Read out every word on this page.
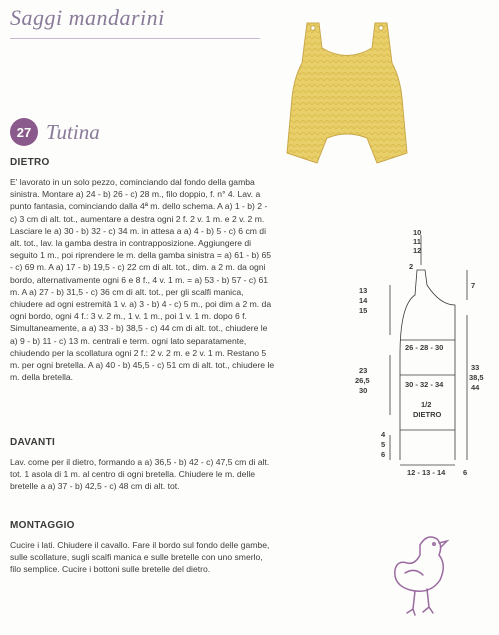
Saggi mandarini
27 Tutina
DIETRO
E' lavorato in un solo pezzo, cominciando dal fondo della gamba sinistra. Montare a) 24 - b) 26 - c) 28 m., filo doppio, f. n° 4. Lav. a punto fantasia, cominciando dalla 4ª m. dello schema. A a) 1 - b) 2 - c) 3 cm di alt. tot., aumentare a destra ogni 2 f. 2 v. 1 m. e 2 v. 2 m. Lasciare le a) 30 - b) 32 - c) 34 m. in attesa a a) 4 - b) 5 - c) 6 cm di alt. tot., lav. la gamba destra in contrapposizione. Aggiungere di seguito 1 m., poi riprendere le m. della gamba sinistra = a) 61 - b) 65 - c) 69 m. A a) 17 - b) 19,5 - c) 22 cm di alt. tot., dim. a 2 m. da ogni bordo, alternativamente ogni 6 e 8 f., 4 v. 1 m. = a) 53 - b) 57 - c) 61 m. A a) 27 - b) 31,5 - c) 36 cm di alt. tot., per gli scalfi manica, chiudere ad ogni estremità 1 v. a) 3 - b) 4 - c) 5 m., poi dim a 2 m. da ogni bordo, ogni 4 f.: 3 v. 2 m., 1 v. 1 m., poi 1 v. 1 m. dopo 6 f. Simultaneamente, a a) 33 - b) 38,5 - c) 44 cm di alt. tot., chiudere le a) 9 - b) 11 - c) 13 m. centrali e term. ogni lato separatamente, chiudendo per la scollatura ogni 2 f.: 2 v. 2 m. e 2 v. 1 m. Restano 5 m. per ogni bretella. A a) 40 - b) 45,5 - c) 51 cm di alt. tot., chiudere le m. della bretella.
DAVANTI
Lav. come per il dietro, formando a a) 36,5 - b) 42 - c) 47,5 cm di alt. tot. 1 asola di 1 m. al centro di ogni bretella. Chiudere le m. delle bretelle a a) 37 - b) 42,5 - c) 48 cm di alt. tot.
MONTAGGIO
Cucire i lati. Chiudere il cavallo. Fare il bordo sul fondo delle gambe, sulle scollature, sugli scalfi manica e sulle bretelle con uno smerlo, filo semplice. Cucire i bottoni sulle bretelle del dietro.
10
11
12
2
13
14
15
7
23
26,5
30
33
38,5
44
4
5
6
26 - 28 - 30
30 - 32 - 34
1/2
DIETRO
12 - 13 - 14 6
